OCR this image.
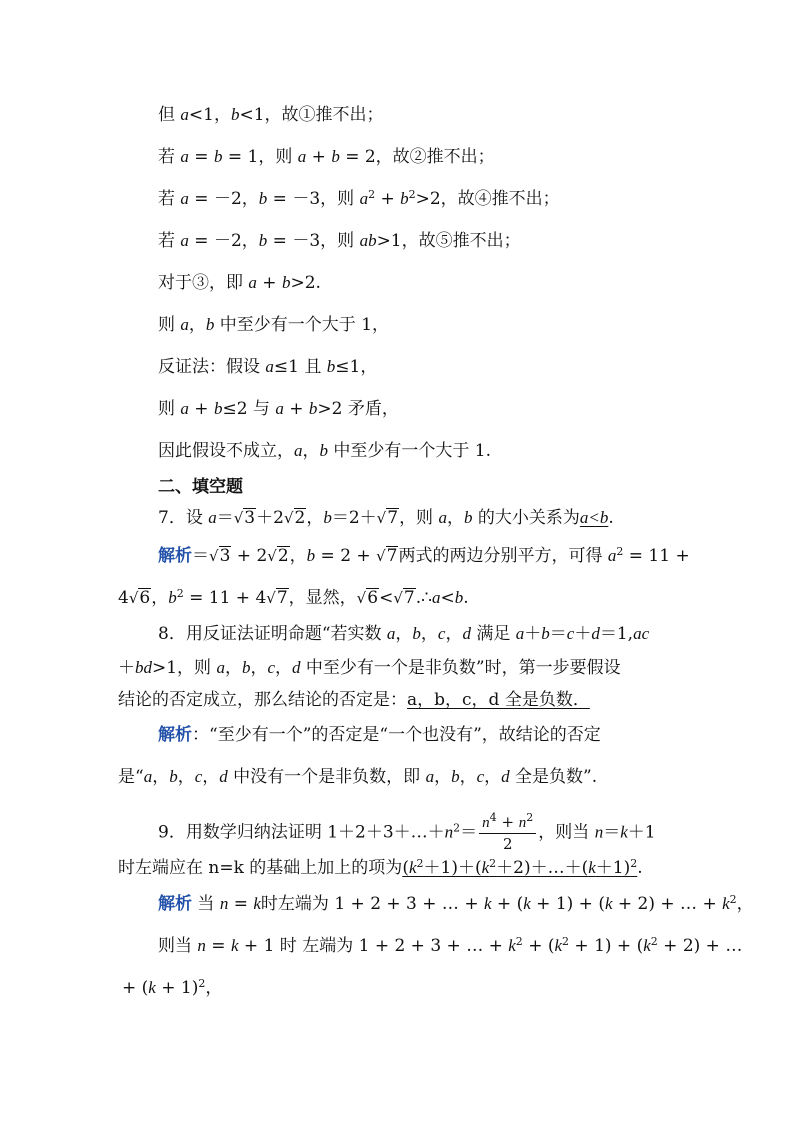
但 a<1，b<1，故①推不出；
若 a = b = 1，则 a + b = 2，故②推不出；
若 a = －2，b = －3，则 $a^2 + b^2>2$，故④推不出；
若 a = －2，b = －3，则 ab>1，故⑤推不出；
对于③，即 a + b>2.
则 a，b 中至少有一个大于 1，
反证法：假设 a≤1 且 b≤1，
则 a + b≤2 与 a + b>2 矛盾，
因此假设不成立，a，b 中至少有一个大于 1.
二、填空题
7．设 a＝√3＋2√2，b＝2＋√7，则 a，b 的大小关系为a<b.
解析＝√3 + 2√2，b = 2 + √7两式的两边分别平方，可得 $a^2 = 11$ +
4√6，$b^2 = 11 + 4√7$，显然，√6<√7.∴a<b.
8．用反证法证明命题“若实数 a，b，c，d 满足 a＋b＝c＋d＝1,ac
＋bd>1，则 a，b，c，d 中至少有一个是非负数”时，第一步要假设
结论的否定成立，那么结论的否定是：a，b，c，d 全是负数．
解析：“至少有一个”的否定是“一个也没有”，故结论的否定
是“a，b，c，d 中没有一个是非负数，即 a，b，c，d 全是负数”.
9．用数学归纳法证明 $1+2+3+\dots+n^2= \frac{n^4 + n^2}{2}$ ，则当 n＝k＋1
时左端应在 n=k 的基础上加上的项为$(k^2+1)+(k^2+2)+\dots+(k+1)^2$.
解析 当 n = k时左端为 1 + 2 + 3 + … + k + (k + 1) + (k + 2) + … + $k^2$，
则当 n = k + 1 时 左端为 1 + 2 + 3 + … + $k^2 + (k^2 + 1) + (k^2 + 2)$ + …
+ $(k + 1)^2$，
